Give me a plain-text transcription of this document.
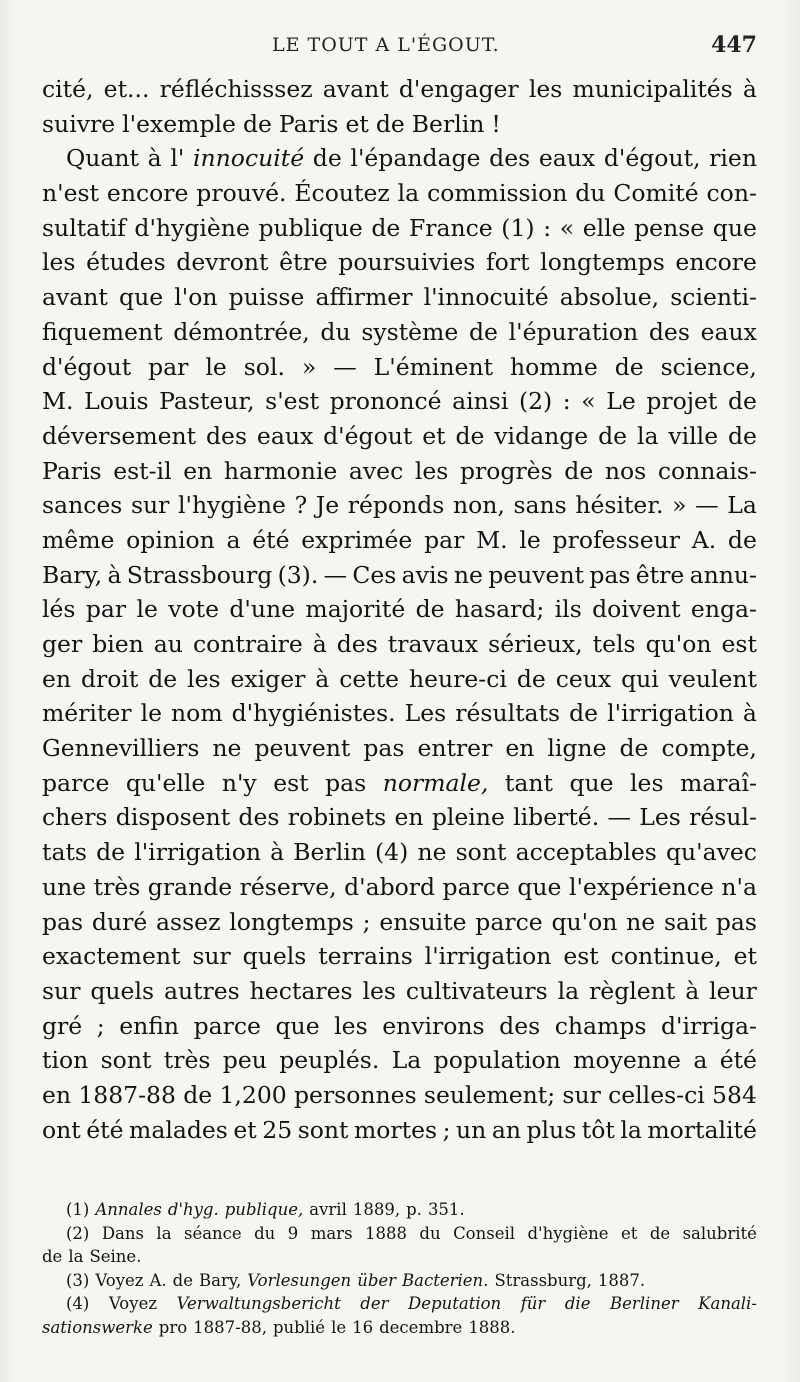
LE TOUT A L'ÉGOUT.	447
cité, et... réfléchisssez avant d'engager les municipalités à
suivre l'exemple de Paris et de Berlin !
Quant à l' innocuité de l'épandage des eaux d'égout, rien
n'est encore prouvé. Écoutez la commission du Comité con-
sultatif d'hygiène publique de France (1) : « elle pense que
les études devront être poursuivies fort longtemps encore
avant que l'on puisse affirmer l'innocuité absolue, scienti-
fiquement démontrée, du système de l'épuration des eaux
d'égout par le sol. » — L'éminent homme de science,
M. Louis Pasteur, s'est prononcé ainsi (2) : « Le projet de
déversement des eaux d'égout et de vidange de la ville de
Paris est-il en harmonie avec les progrès de nos connais-
sances sur l'hygiène ? Je réponds non, sans hésiter. » — La
même opinion a été exprimée par M. le professeur A. de
Bary, à Strassbourg (3). — Ces avis ne peuvent pas être annu-
lés par le vote d'une majorité de hasard; ils doivent enga-
ger bien au contraire à des travaux sérieux, tels qu'on est
en droit de les exiger à cette heure-ci de ceux qui veulent
mériter le nom d'hygiénistes. Les résultats de l'irrigation à
Gennevilliers ne peuvent pas entrer en ligne de compte,
parce qu'elle n'y est pas normale, tant que les maraî-
chers disposent des robinets en pleine liberté. — Les résul-
tats de l'irrigation à Berlin (4) ne sont acceptables qu'avec
une très grande réserve, d'abord parce que l'expérience n'a
pas duré assez longtemps ; ensuite parce qu'on ne sait pas
exactement sur quels terrains l'irrigation est continue, et
sur quels autres hectares les cultivateurs la règlent à leur
gré ; enfin parce que les environs des champs d'irriga-
tion sont très peu peuplés. La population moyenne a été
en 1887-88 de 1,200 personnes seulement; sur celles-ci 584
ont été malades et 25 sont mortes ; un an plus tôt la mortalité
(1) Annales d'hyg. publique, avril 1889, p. 351.
(2) Dans la séance du 9 mars 1888 du Conseil d'hygiène et de salubrité
de la Seine.
(3) Voyez A. de Bary, Vorlesungen über Bacterien. Strassburg, 1887.
(4) Voyez Verwaltungsbericht der Deputation für die Berliner Kanali-
sationswerke pro 1887-88, publié le 16 decembre 1888.
